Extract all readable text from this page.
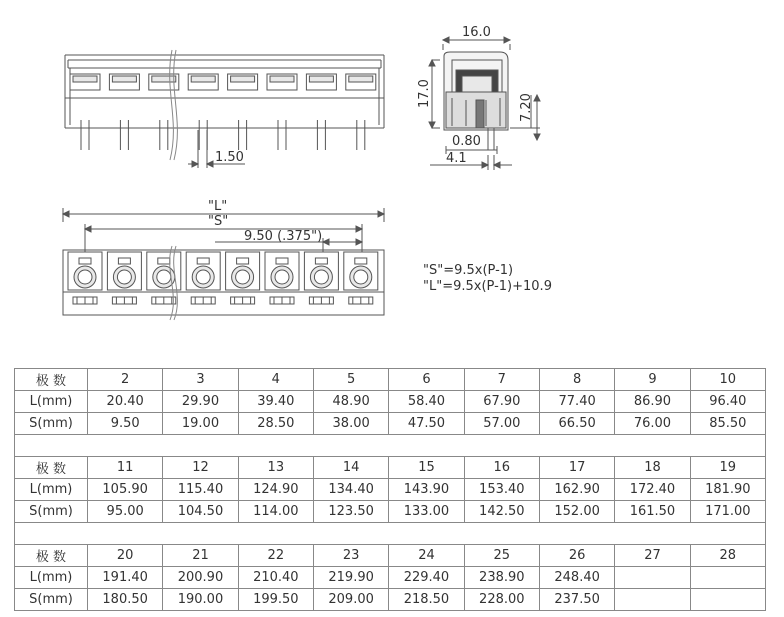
16.0
17.0	7.20
0.80
4.1
1.50
"L"
"S"
9.50 (.375")
"S"=9.5x(P-1)
"L"=9.5x(P-1)+10.9
极 数	2	3	4	5	6	7	8	9	10
L(mm)	20.40	29.90	39.40	48.90	58.40	67.90	77.40	86.90	96.40
S(mm)	9.50	19.00	28.50	38.00	47.50	57.00	66.50	76.00	85.50

极 数	11	12	13	14	15	16	17	18	19
L(mm)	105.90	115.40	124.90	134.40	143.90	153.40	162.90	172.40	181.90
S(mm)	95.00	104.50	114.00	123.50	133.00	142.50	152.00	161.50	171.00

极 数	20	21	22	23	24	25	26	27	28
L(mm)	191.40	200.90	210.40	219.90	229.40	238.90	248.40		
S(mm)	180.50	190.00	199.50	209.00	218.50	228.00	237.50		
